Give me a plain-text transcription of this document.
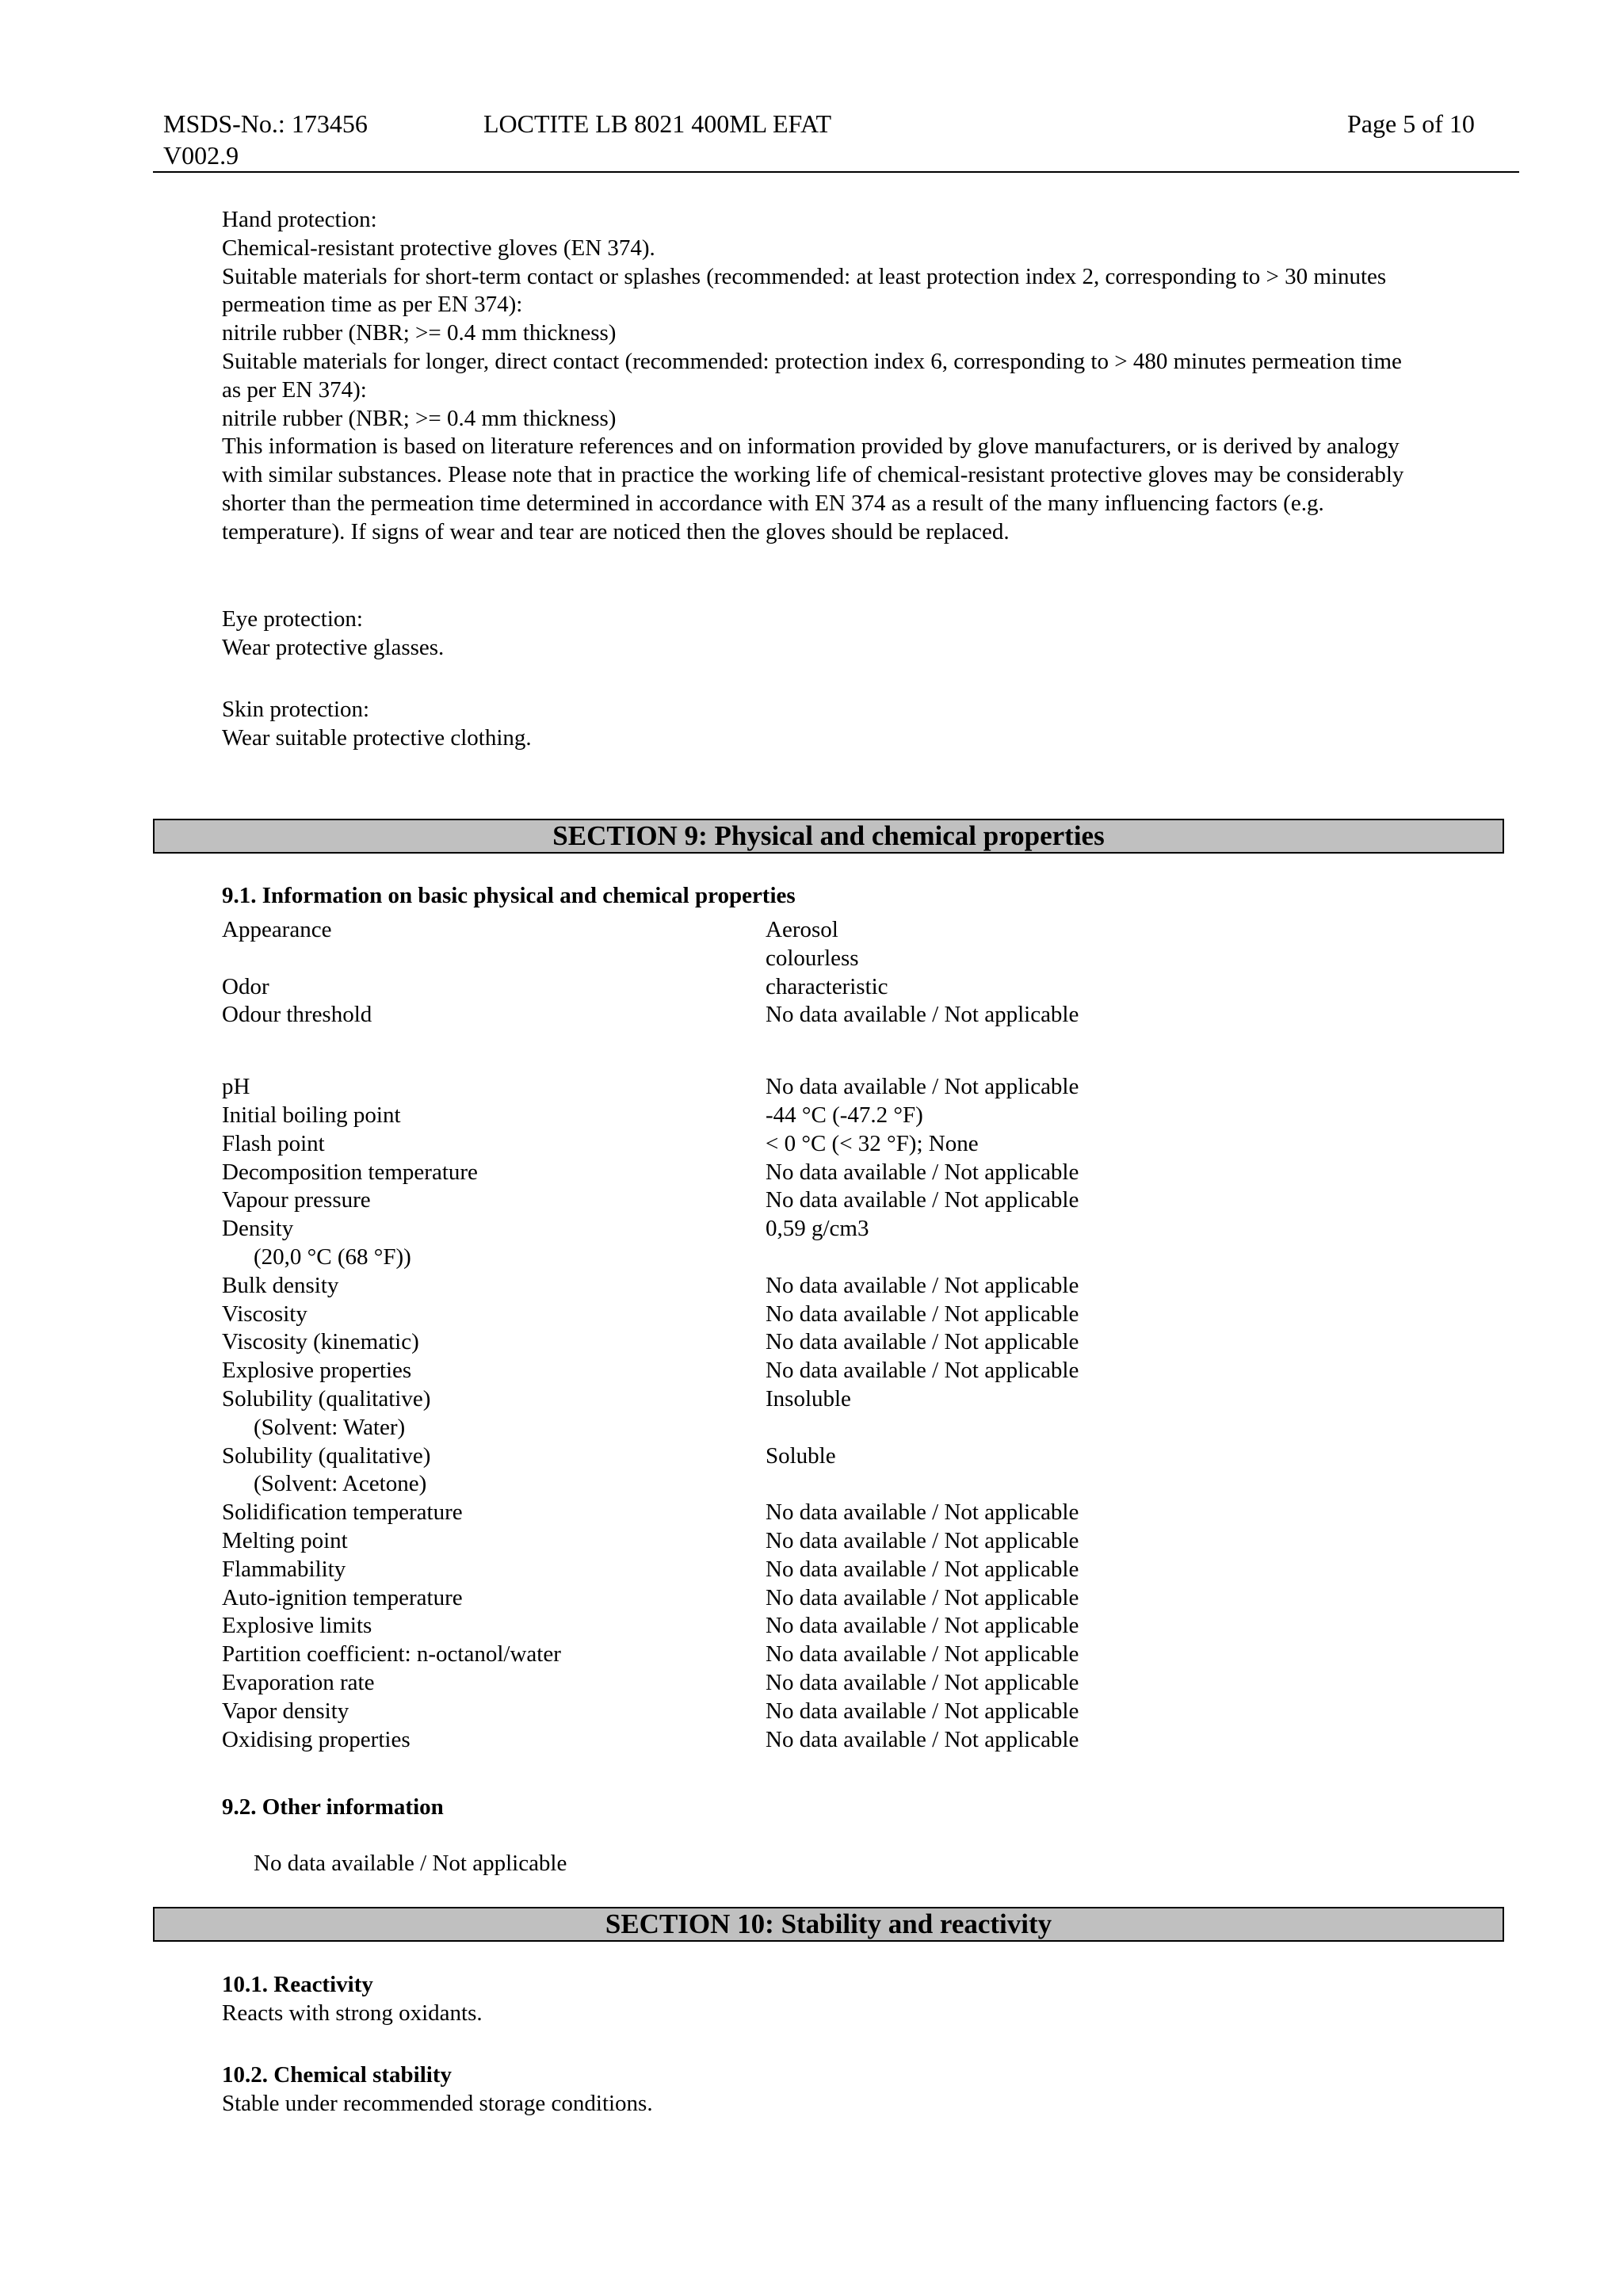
MSDS-No.: 173456
V002.9
LOCTITE LB 8021 400ML EFAT	Page 5 of 10

Hand protection:

Chemical-resistant protective gloves (EN 374).

Suitable materials for short-term contact or splashes (recommended: at least protection index 2, corresponding to > 30 minutes

permeation time as per EN 374):

nitrile rubber (NBR; >= 0.4 mm thickness)

Suitable materials for longer, direct contact (recommended: protection index 6, corresponding to > 480 minutes permeation time

as per EN 374):

nitrile rubber (NBR; >= 0.4 mm thickness)

This information is based on literature references and on information provided by glove manufacturers, or is derived by analogy

with similar substances. Please note that in practice the working life of chemical-resistant protective gloves may be considerably

shorter than the permeation time determined in accordance with EN 374 as a result of the many influencing factors (e.g.

temperature). If signs of wear and tear are noticed then the gloves should be replaced.

Eye protection:

Wear protective glasses.

Skin protection:

Wear suitable protective clothing.

SECTION 9: Physical and chemical properties
9.1. Information on basic physical and chemical properties
Appearance	Aerosol
colourless
Odor	characteristic
Odour threshold	No data available / Not applicable
pH	No data available / Not applicable
Initial boiling point	-44 °C (-47.2 °F)
Flash point	< 0 °C (< 32 °F); None
Decomposition temperature	No data available / Not applicable
Vapour pressure	No data available / Not applicable
Density	0,59 g/cm3
(20,0 °C (68 °F))
Bulk density	No data available / Not applicable
Viscosity	No data available / Not applicable
Viscosity (kinematic)	No data available / Not applicable
Explosive properties	No data available / Not applicable
Solubility (qualitative)	Insoluble
(Solvent: Water)
Solubility (qualitative)	Soluble
(Solvent: Acetone)
Solidification temperature	No data available / Not applicable
Melting point	No data available / Not applicable
Flammability	No data available / Not applicable
Auto-ignition temperature	No data available / Not applicable
Explosive limits	No data available / Not applicable
Partition coefficient: n-octanol/water	No data available / Not applicable
Evaporation rate	No data available / Not applicable
Vapor density	No data available / Not applicable
Oxidising properties	No data available / Not applicable
9.2. Other information
No data available / Not applicable
SECTION 10: Stability and reactivity
10.1. Reactivity
Reacts with strong oxidants.
10.2. Chemical stability
Stable under recommended storage conditions.
